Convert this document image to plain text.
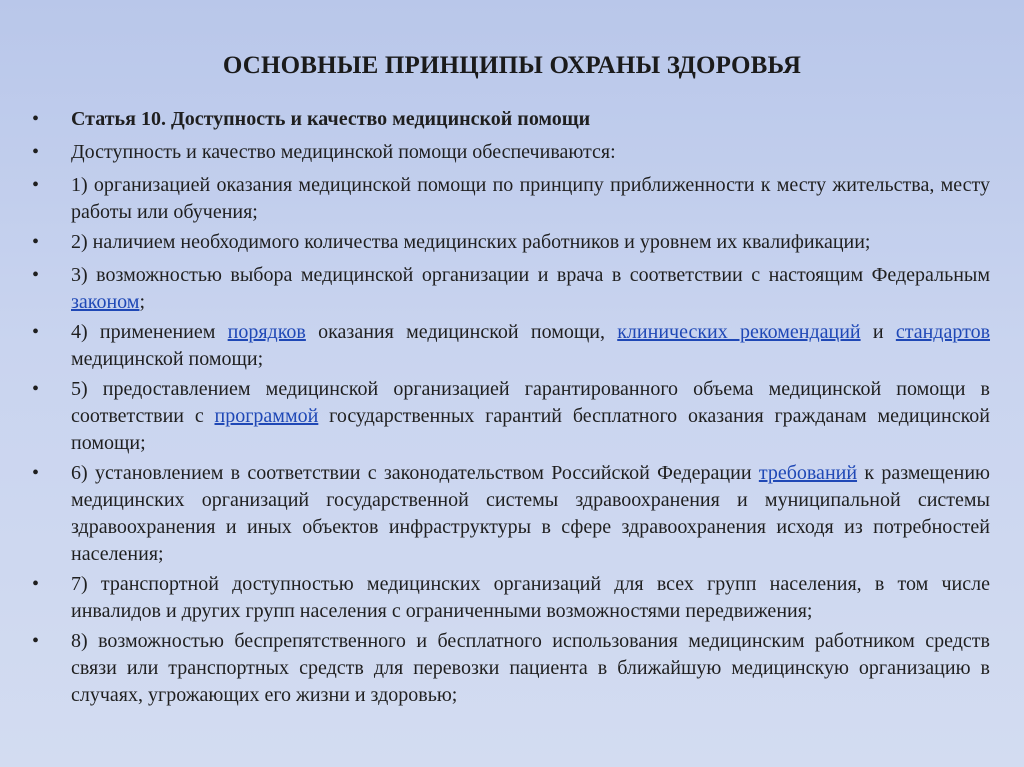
ОСНОВНЫЕ ПРИНЦИПЫ ОХРАНЫ ЗДОРОВЬЯ
•	Статья 10. Доступность и качество медицинской помощи
•	Доступность и качество медицинской помощи обеспечиваются:
•	1) организацией оказания медицинской помощи по принципу приближенности к месту жительства, месту работы или обучения;
•	2) наличием необходимого количества медицинских работников и уровнем их квалификации;
•	3) возможностью выбора медицинской организации и врача в соответствии с настоящим Федеральным законом;
•	4) применением порядков оказания медицинской помощи, клинических рекомендаций и стандартов медицинской помощи;
•	5) предоставлением медицинской организацией гарантированного объема медицинской помощи в соответствии с программой государственных гарантий бесплатного оказания гражданам медицинской помощи;
•	6) установлением в соответствии с законодательством Российской Федерации требований к размещению медицинских организаций государственной системы здравоохранения и муниципальной системы здравоохранения и иных объектов инфраструктуры в сфере здравоохранения исходя из потребностей населения;
•	7) транспортной доступностью медицинских организаций для всех групп населения, в том числе инвалидов и других групп населения с ограниченными возможностями передвижения;
•	8) возможностью беспрепятственного и бесплатного использования медицинским работником средств связи или транспортных средств для перевозки пациента в ближайшую медицинскую организацию в случаях, угрожающих его жизни и здоровью;
